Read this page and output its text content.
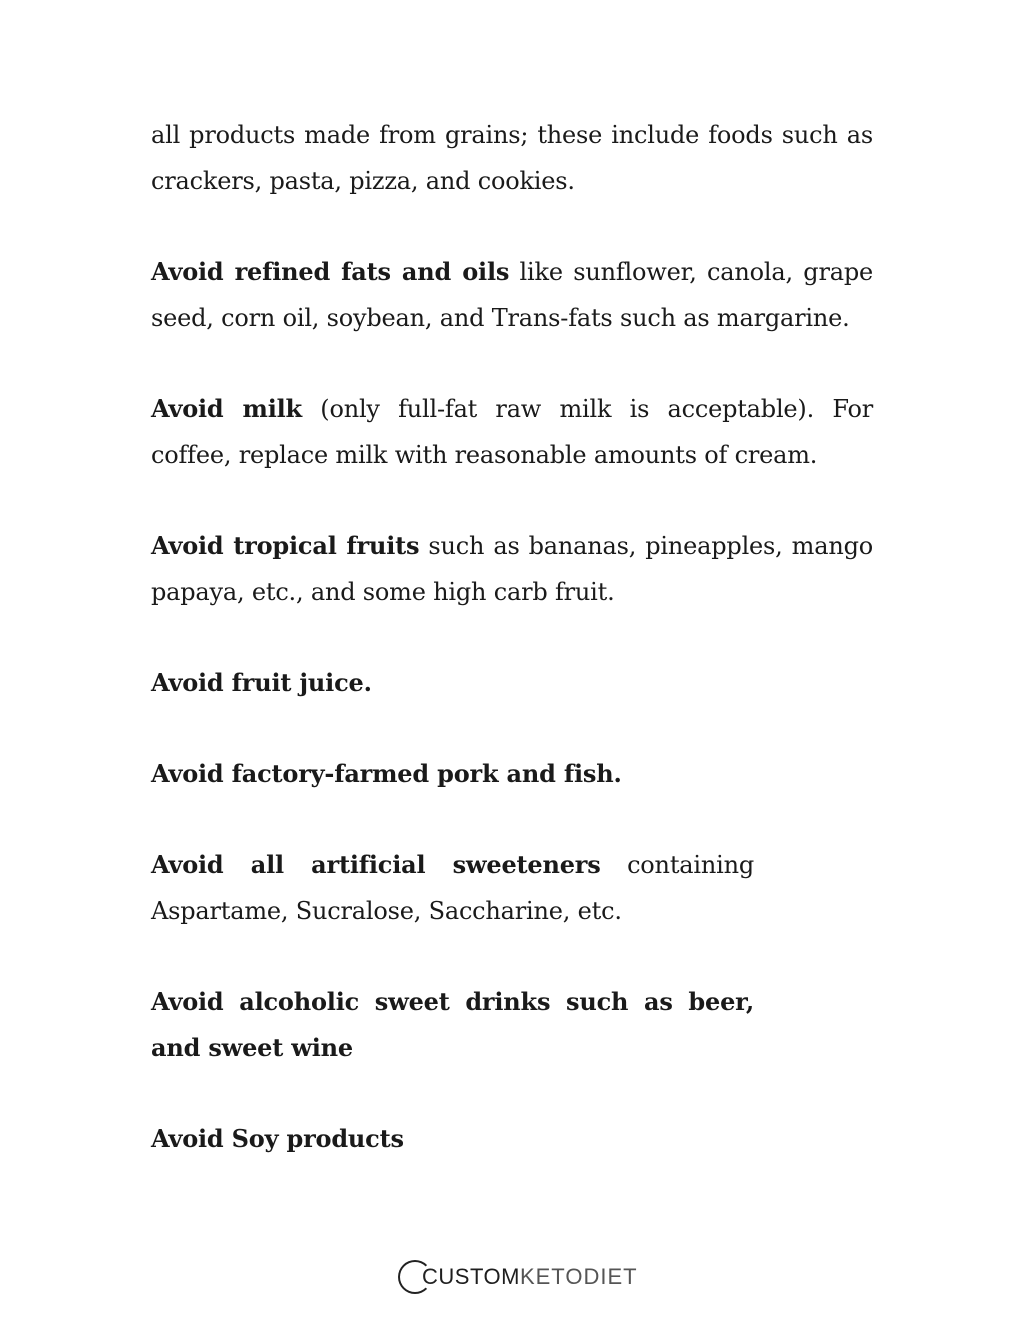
all products made from grains; these include foods such as crackers, pasta, pizza, and cookies.

Avoid refined fats and oils like sunflower, canola, grape seed, corn oil, soybean, and Trans-fats such as margarine.

Avoid milk (only full-fat raw milk is acceptable). For coffee, replace milk with reasonable amounts of cream.

Avoid tropical fruits such as bananas, pineapples, mango papaya, etc., and some high carb fruit.

Avoid fruit juice.

Avoid factory-farmed pork and fish.

Avoid all artificial sweeteners containing Aspartame, Sucralose, Saccharine, etc.

Avoid alcoholic sweet drinks such as beer, and sweet wine

Avoid Soy products

C USTOM KETODIET
